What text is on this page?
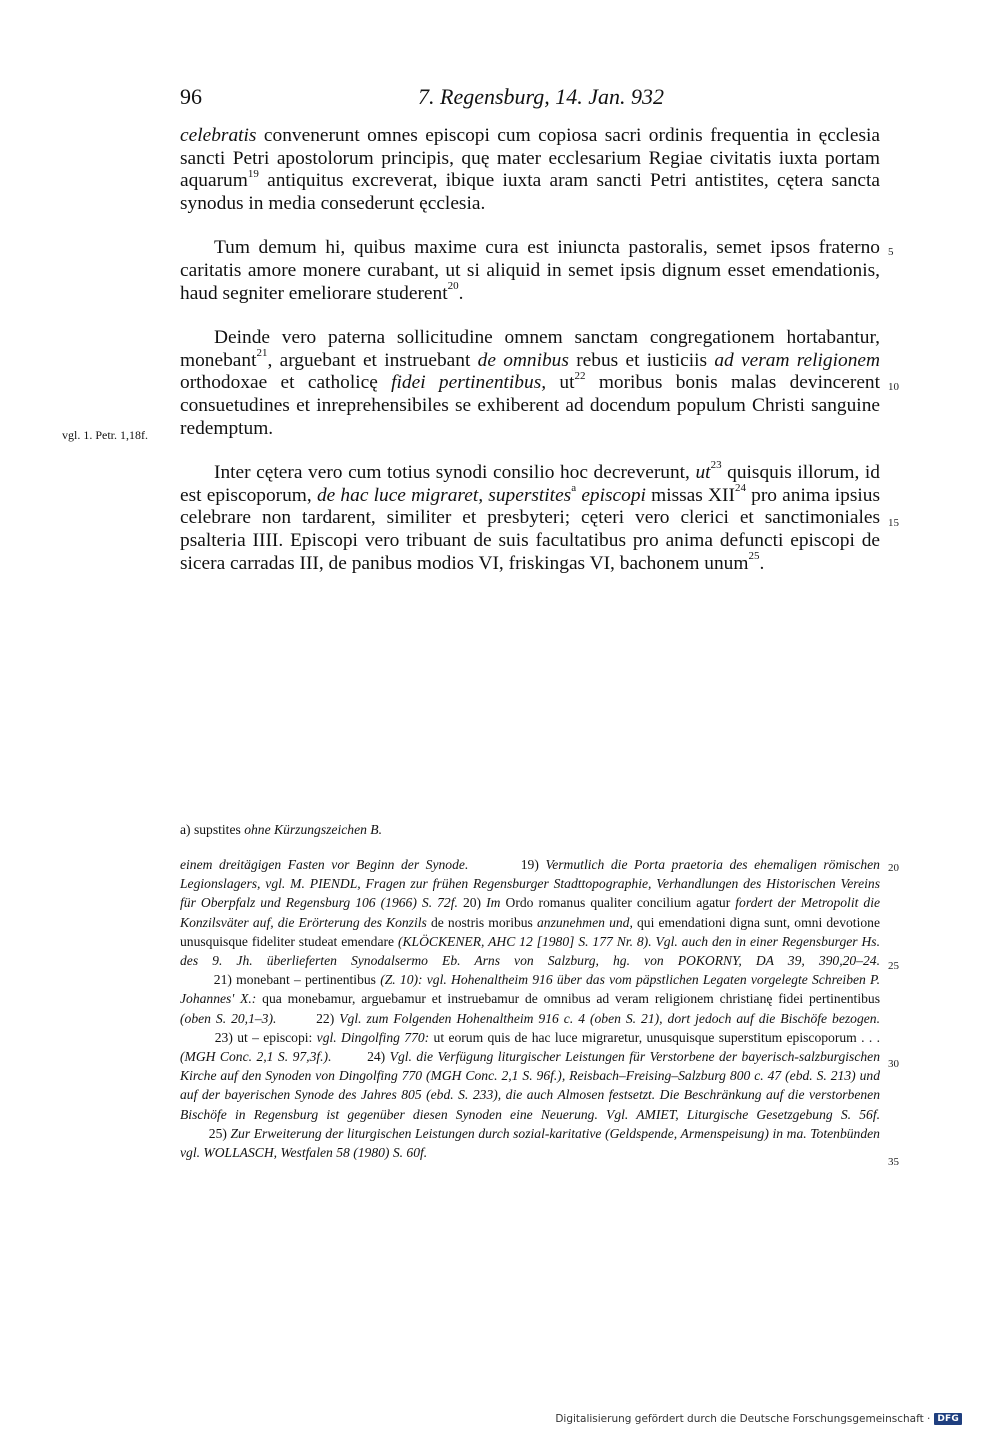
96	7. Regensburg, 14. Jan. 932

celebratis convenerunt omnes episcopi cum copiosa sacri ordinis frequentia in ęcclesia sancti Petri apostolorum principis, quę mater ecclesarium Regiae civitatis iuxta portam aquarum$^{19}$ antiquitus excreverat, ibique iuxta aram sancti Petri antistites, cętera sancta synodus in media consederunt ęcclesia.

Tum demum hi, quibus maxime cura est iniuncta pastoralis, semet ipsos fraterno caritatis amore monere curabant, ut si aliquid in semet ipsis dignum esset emendationis, haud segniter emeliorare studerent$^{20}$.

Deinde vero paterna sollicitudine omnem sanctam congregationem hortabantur, monebant$^{21}$, arguebant et instruebant de omnibus rebus et iusticiis ad veram religionem orthodoxae et catholicę fidei pertinentibus, $ut^{22}$ moribus bonis malas devincerent consuetudines et inreprehensibiles se exhiberent ad docendum populum Christi sanguine redemptum.

Inter cętera vero cum totius synodi consilio hoc decreverunt, $ut^{23}$ quisquis illorum, id est episcoporum, de hac luce migraret, superstites$^a$ episcopi missas XII$^{24}$ pro anima ipsius celebrare non tardarent, similiter et presbyteri; cęteri vero clerici et sanctimoniales psalteria IIII. Episcopi vero tribuant de suis facultatibus pro anima defuncti episcopi de sicera carradas III, de panibus modios VI, friskingas VI, bachonem unum$^{25}$.

5
10
15
vgl. 1. Petr. 1,18f.
a) supstites ohne Kürzungszeichen B.
einem dreitägigen Fasten vor Beginn der Synode.        19) Vermutlich die Porta praetoria des ehemaligen römischen Legionslagers, vgl. M. PIENDL, Fragen zur frühen Regensburger Stadttopographie, Verhandlungen des Historischen Vereins für Oberpfalz und Regensburg 106 (1966) S. 72f. 20) Im Ordo romanus qualiter concilium agatur fordert der Metropolit die Konzilsväter auf, die Erörterung des Konzils de nostris moribus anzunehmen und, qui emendationi digna sunt, omni devotione unusquisque fideliter studeat emendare (KLÖCKENER, AHC 12 [1980] S. 177 Nr. 8). Vgl. auch den in einer Regensburger Hs. des 9. Jh. überlieferten Synodalsermo Eb. Arns von Salzburg, hg. von POKORNY, DA 39, 390,20–24.        21) monebant – pertinentibus (Z. 10): vgl. Hohenaltheim 916 über das vom päpstlichen Legaten vorgelegte Schreiben P. Johannes' X.: qua monebamur, arguebamur et instruebamur de omnibus ad veram religionem christianę fidei pertinentibus (oben S. 20,1–3).        22) Vgl. zum Folgenden Hohenaltheim 916 c. 4 (oben S. 21), dort jedoch auf die Bischöfe bezogen.        23) ut – episcopi: vgl. Dingolfing 770: ut eorum quis de hac luce migraretur, unusquisque superstitum episcoporum . . . (MGH Conc. 2,1 S. 97,3f.).        24) Vgl. die Verfügung liturgischer Leistungen für Verstorbene der bayerisch-salzburgischen Kirche auf den Synoden von Dingolfing 770 (MGH Conc. 2,1 S. 96f.), Reisbach–Freising–Salzburg 800 c. 47 (ebd. S. 213) und auf der bayerischen Synode des Jahres 805 (ebd. S. 233), die auch Almosen festsetzt. Die Beschränkung auf die verstorbenen Bischöfe in Regensburg ist gegenüber diesen Synoden eine Neuerung. Vgl. AMIET, Liturgische Gesetzgebung S. 56f.        25) Zur Erweiterung der liturgischen Leistungen durch sozial-karitative (Geldspende, Armenspeisung) in ma. Totenbünden vgl. WOLLASCH, Westfalen 58 (1980) S. 60f.
20
25
30
35
Digitalisierung gefördert durch die Deutsche Forschungsgemeinschaft · DFG
